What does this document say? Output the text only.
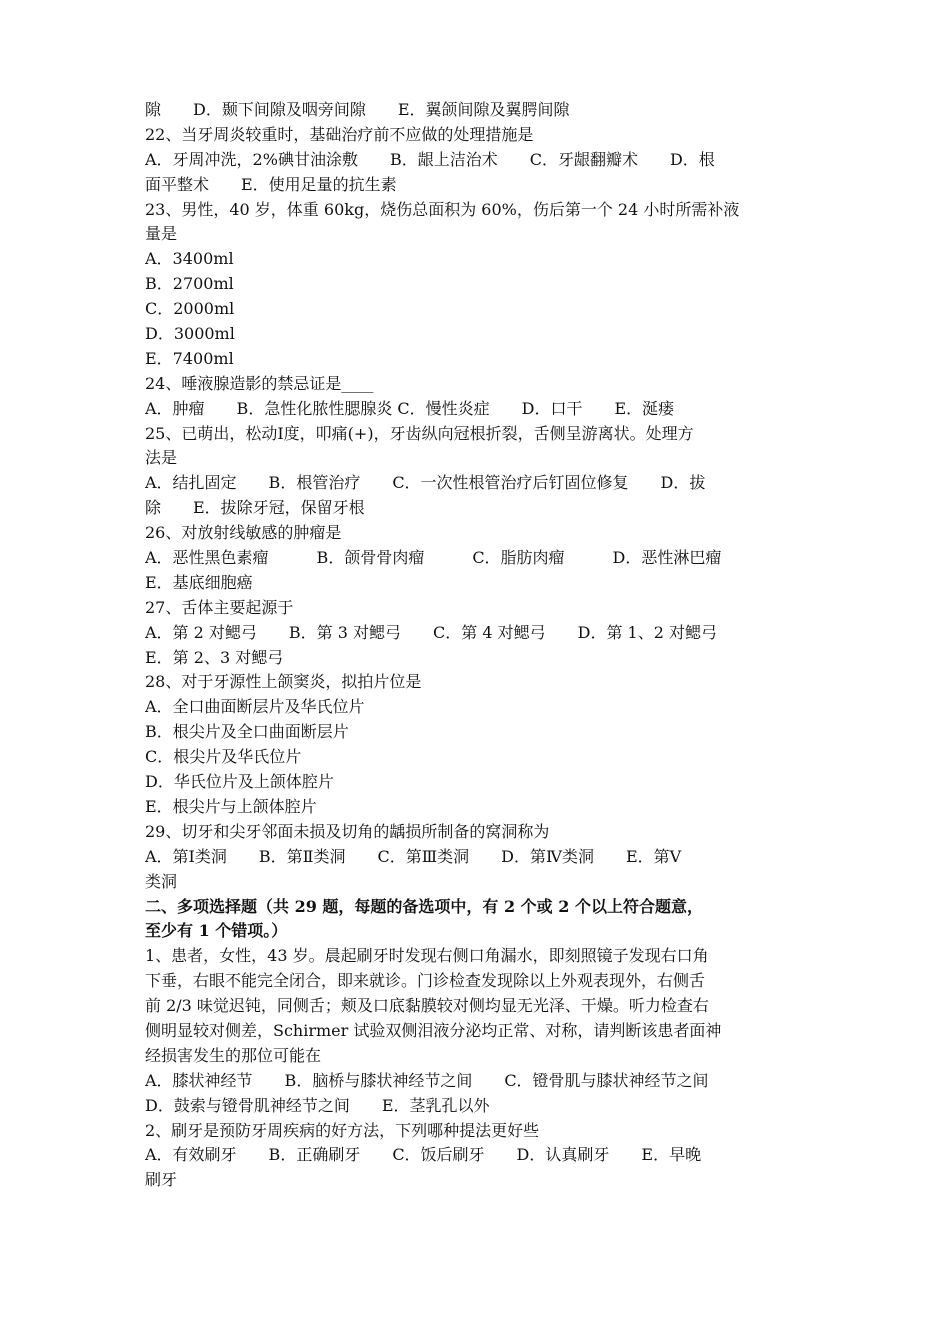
隙　　D．颞下间隙及咽旁间隙　　E．翼颌间隙及翼腭间隙
22、当牙周炎较重时，基础治疗前不应做的处理措施是
A．牙周冲洗，2%碘甘油涂敷　　B．龈上洁治术　　C．牙龈翻瓣术　　D．根
面平整术　　E．使用足量的抗生素
23、男性，40 岁，体重 60kg，烧伤总面积为 60%，伤后第一个 24 小时所需补液
量是
A．3400ml
B．2700ml
C．2000ml
D．3000ml
E．7400ml
24、唾液腺造影的禁忌证是____
A．肿瘤　　B．急性化脓性腮腺炎 C．慢性炎症　　D．口干　　E．涎瘘
25、已萌出，松动Ⅰ度，叩痛(+)，牙齿纵向冠根折裂，舌侧呈游离状。处理方
法是
A．结扎固定　　B．根管治疗　　C．一次性根管治疗后钉固位修复　　D．拔
除　　E．拔除牙冠，保留牙根
26、对放射线敏感的肿瘤是
A．恶性黑色素瘤　　　B．颌骨骨肉瘤　　　C．脂肪肉瘤　　　D．恶性淋巴瘤
E．基底细胞癌
27、舌体主要起源于
A．第 2 对鳃弓　　B．第 3 对鳃弓　　C．第 4 对鳃弓　　D．第 1、2 对鳃弓
E．第 2、3 对鳃弓
28、对于牙源性上颌窦炎，拟拍片位是
A．全口曲面断层片及华氏位片
B．根尖片及全口曲面断层片
C．根尖片及华氏位片
D．华氏位片及上颌体腔片
E．根尖片与上颌体腔片
29、切牙和尖牙邻面未损及切角的龋损所制备的窝洞称为
A．第Ⅰ类洞　　B．第Ⅱ类洞　　C．第Ⅲ类洞　　D．第Ⅳ类洞　　E．第Ⅴ
类洞
二、多项选择题（共 29 题，每题的备选项中，有 2 个或 2 个以上符合题意，
至少有 1 个错项。）
1、患者，女性，43 岁。晨起刷牙时发现右侧口角漏水，即刻照镜子发现右口角
下垂，右眼不能完全闭合，即来就诊。门诊检查发现除以上外观表现外，右侧舌
前 2/3 味觉迟钝，同侧舌；颊及口底黏膜较对侧均显无光泽、干燥。听力检查右
侧明显较对侧差，Schirmer 试验双侧泪液分泌均正常、对称，请判断该患者面神
经损害发生的那位可能在
A．膝状神经节　　B．脑桥与膝状神经节之间　　C．镫骨肌与膝状神经节之间
D．鼓索与镫骨肌神经节之间　　E．茎乳孔以外
2、刷牙是预防牙周疾病的好方法，下列哪种提法更好些
A．有效刷牙　　B．正确刷牙　　C．饭后刷牙　　D．认真刷牙　　E．早晚
刷牙
